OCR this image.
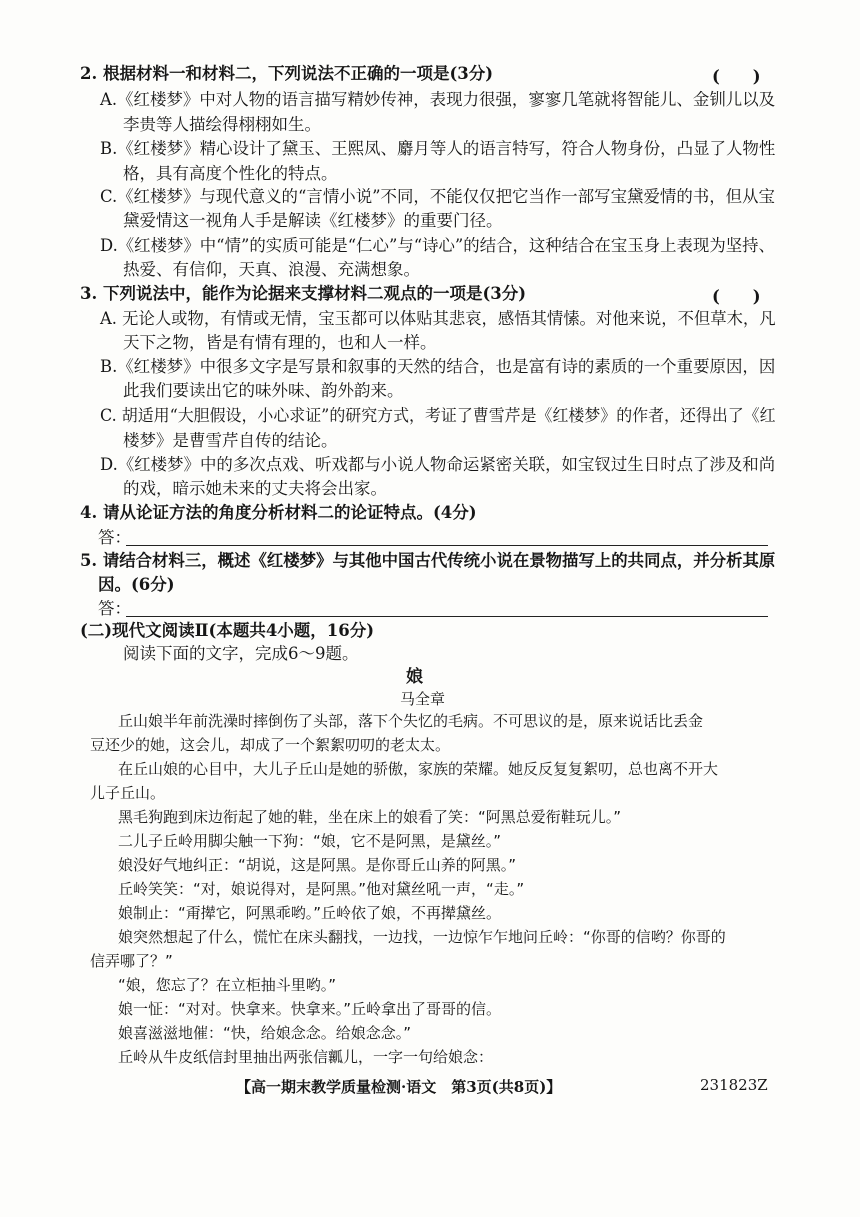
2. 根据材料一和材料二，下列说法不正确的一项是(3分)	(　　)
A.《红楼梦》中对人物的语言描写精妙传神，表现力很强，寥寥几笔就将智能儿、金钏儿以及
李贵等人描绘得栩栩如生。
B.《红楼梦》精心设计了黛玉、王熙凤、麝月等人的语言特写，符合人物身份，凸显了人物性
格，具有高度个性化的特点。
C.《红楼梦》与现代意义的“言情小说”不同，不能仅仅把它当作一部写宝黛爱情的书，但从宝
黛爱情这一视角人手是解读《红楼梦》的重要门径。
D.《红楼梦》中“情”的实质可能是“仁心”与“诗心”的结合，这种结合在宝玉身上表现为坚持、
热爱、有信仰，天真、浪漫、充满想象。
3. 下列说法中，能作为论据来支撑材料二观点的一项是(3分)	(　　)
A. 无论人或物，有情或无情，宝玉都可以体贴其悲哀，感悟其情愫。对他来说，不但草木，凡
天下之物，皆是有情有理的，也和人一样。
B.《红楼梦》中很多文字是写景和叙事的天然的结合，也是富有诗的素质的一个重要原因，因
此我们要读出它的味外味、韵外韵来。
C. 胡适用“大胆假设，小心求证”的研究方式，考证了曹雪芹是《红楼梦》的作者，还得出了《红
楼梦》是曹雪芹自传的结论。
D.《红楼梦》中的多次点戏、听戏都与小说人物命运紧密关联，如宝钗过生日时点了涉及和尚
的戏，暗示她未来的丈夫将会出家。
4. 请从论证方法的角度分析材料二的论证特点。(4分)
答：
5. 请结合材料三，概述《红楼梦》与其他中国古代传统小说在景物描写上的共同点，并分析其原
因。(6分)
答：
(二)现代文阅读Ⅱ(本题共4小题，16分)
阅读下面的文字，完成6～9题。
娘
马全章
丘山娘半年前洗澡时摔倒伤了头部，落下个失忆的毛病。不可思议的是，原来说话比丢金
豆还少的她，这会儿，却成了一个絮絮叨叨的老太太。
在丘山娘的心目中，大儿子丘山是她的骄傲，家族的荣耀。她反反复复絮叨，总也离不开大
儿子丘山。
黑毛狗跑到床边衔起了她的鞋，坐在床上的娘看了笑：“阿黑总爱衔鞋玩儿。”
二儿子丘岭用脚尖触一下狗：“娘，它不是阿黑，是黛丝。”
娘没好气地纠正：“胡说，这是阿黑。是你哥丘山养的阿黑。”
丘岭笑笑：“对，娘说得对，是阿黑。”他对黛丝吼一声，“走。”
娘制止：“甭撵它，阿黑乖哟。”丘岭依了娘，不再撵黛丝。
娘突然想起了什么，慌忙在床头翻找，一边找，一边惊乍乍地问丘岭：“你哥的信哟？你哥的
信弄哪了？”
“娘，您忘了？在立柜抽斗里哟。”
娘一怔：“对对。快拿来。快拿来。”丘岭拿出了哥哥的信。
娘喜滋滋地催：“快，给娘念念。给娘念念。”
丘岭从牛皮纸信封里抽出两张信瓤儿，一字一句给娘念：
【高一期末教学质量检测·语文　第3页(共8页)】	231823Z
